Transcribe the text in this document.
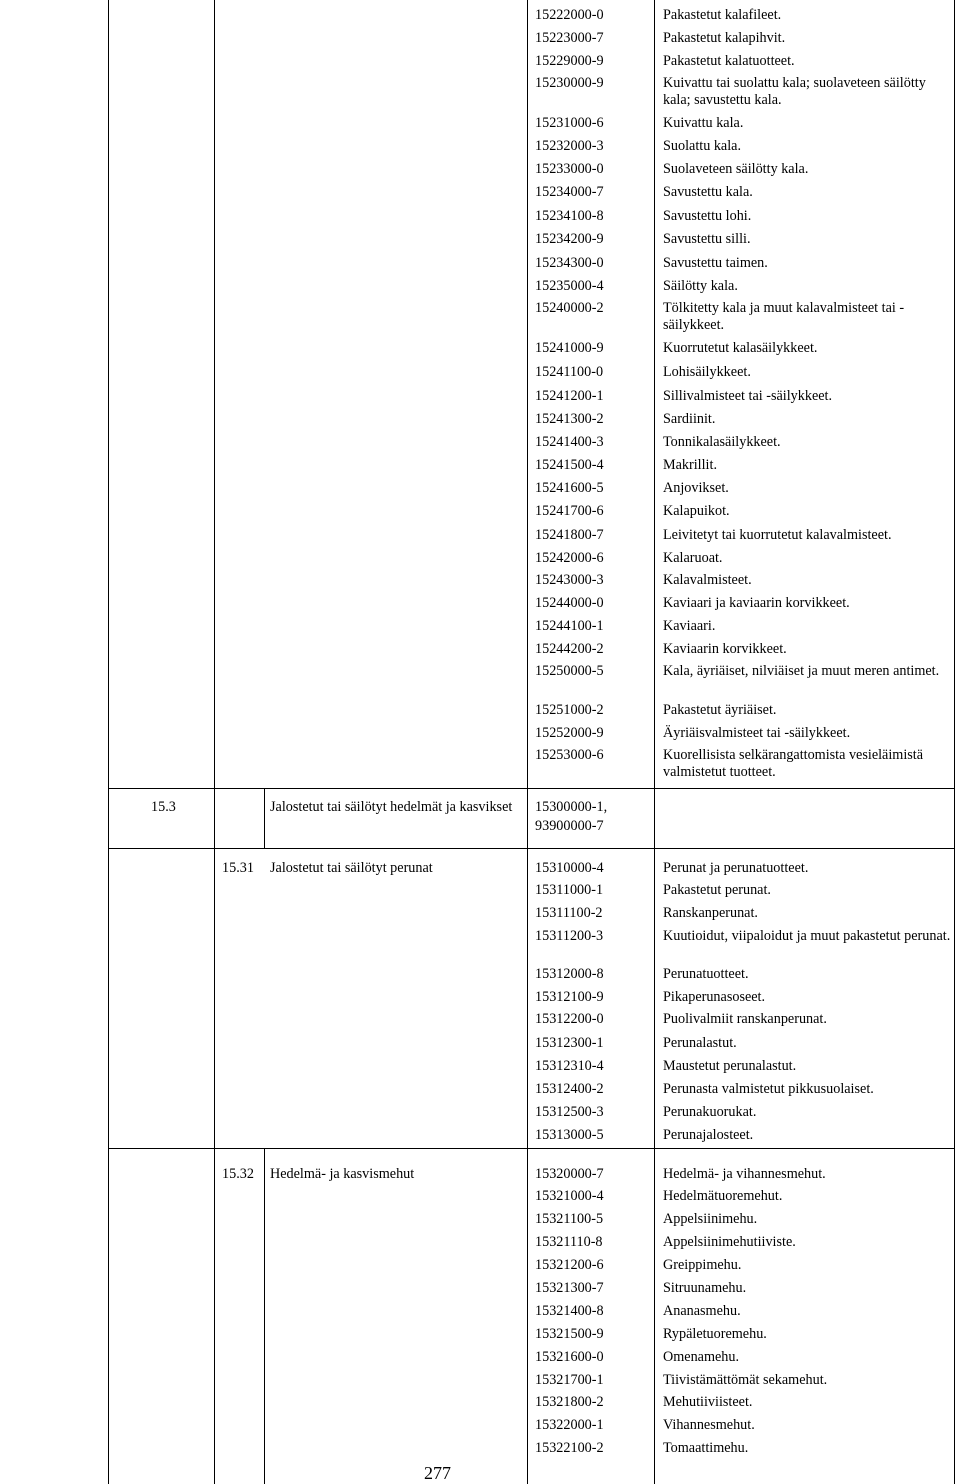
15222000-0	Pakastetut kalafileet.
15223000-7	Pakastetut kalapihvit.
15229000-9	Pakastetut kalatuotteet.
15230000-9	Kuivattu tai suolattu kala; suolaveteen säilötty kala; savustettu kala.
15231000-6	Kuivattu kala.
15232000-3	Suolattu kala.
15233000-0	Suolaveteen säilötty kala.
15234000-7	Savustettu kala.
15234100-8	Savustettu lohi.
15234200-9	Savustettu silli.
15234300-0	Savustettu taimen.
15235000-4	Säilötty kala.
15240000-2	Tölkitetty kala ja muut kalavalmisteet tai -säilykkeet.
15241000-9	Kuorrutetut kalasäilykkeet.
15241100-0	Lohisäilykkeet.
15241200-1	Sillivalmisteet tai -säilykkeet.
15241300-2	Sardiinit.
15241400-3	Tonnikalasäilykkeet.
15241500-4	Makrillit.
15241600-5	Anjovikset.
15241700-6	Kalapuikot.
15241800-7	Leivitetyt tai kuorrutetut kalavalmisteet.
15242000-6	Kalaruoat.
15243000-3	Kalavalmisteet.
15244000-0	Kaviaari ja kaviaarin korvikkeet.
15244100-1	Kaviaari.
15244200-2	Kaviaarin korvikkeet.
15250000-5	Kala, äyriäiset, nilviäiset ja muut meren antimet.
15251000-2	Pakastetut äyriäiset.
15252000-9	Äyriäisvalmisteet tai -säilykkeet.
15253000-6	Kuorellisista selkärangattomista vesieläimistä valmistetut tuotteet.
15.3	Jalostetut tai säilötyt hedelmät ja kasvikset	15300000-1,
93900000-7
15.31 Jalostetut tai säilötyt perunat	15310000-4	Perunat ja perunatuotteet.
15311000-1	Pakastetut perunat.
15311100-2	Ranskanperunat.
15311200-3	Kuutioidut, viipaloidut ja muut pakastetut perunat.
15312000-8	Perunatuotteet.
15312100-9	Pikaperunasoseet.
15312200-0	Puolivalmiit ranskanperunat.
15312300-1	Perunalastut.
15312310-4	Maustetut perunalastut.
15312400-2	Perunasta valmistetut pikkusuolaiset.
15312500-3	Perunakuorukat.
15313000-5	Perunajalosteet.
15.32 Hedelmä- ja kasvismehut	15320000-7	Hedelmä- ja vihannesmehut.
15321000-4	Hedelmätuoremehut.
15321100-5	Appelsiinimehu.
15321110-8	Appelsiinimehutiiviste.
15321200-6	Greippimehu.
15321300-7	Sitruunamehu.
15321400-8	Ananasmehu.
15321500-9	Rypäletuoremehu.
15321600-0	Omenamehu.
15321700-1	Tiivistämättömät sekamehut.
15321800-2	Mehutiiviisteet.
15322000-1	Vihannesmehut.
15322100-2	Tomaattimehu.
277
